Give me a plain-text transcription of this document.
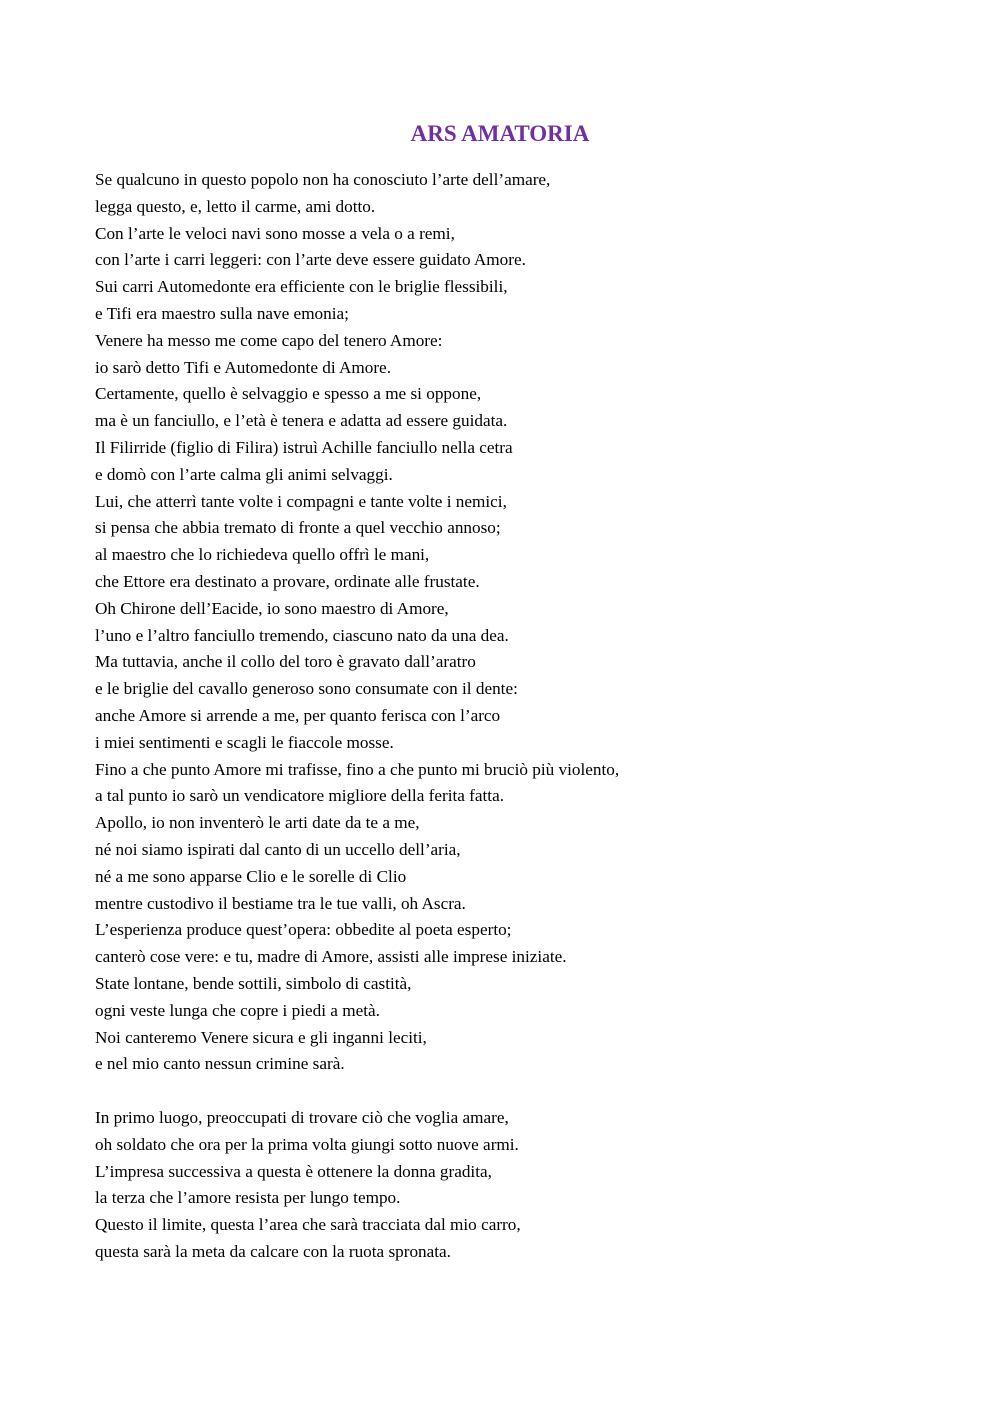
ARS AMATORIA
Se qualcuno in questo popolo non ha conosciuto l’arte dell’amare,
legga questo, e, letto il carme, ami dotto.
Con l’arte le veloci navi sono mosse a vela o a remi,
con l’arte i carri leggeri: con l’arte deve essere guidato Amore.
Sui carri Automedonte era efficiente con le briglie flessibili,
e Tifi era maestro sulla nave emonia;
Venere ha messo me come capo del tenero Amore:
io sarò detto Tifi e Automedonte di Amore.
Certamente, quello è selvaggio e spesso a me si oppone,
ma è un fanciullo, e l’età è tenera e adatta ad essere guidata.
Il Filirride (figlio di Filira) istruì Achille fanciullo nella cetra
e domò con l’arte calma gli animi selvaggi.
Lui, che atterrì tante volte i compagni e tante volte i nemici,
si pensa che abbia tremato di fronte a quel vecchio annoso;
al maestro che lo richiedeva quello offrì le mani,
che Ettore era destinato a provare, ordinate alle frustate.
Oh Chirone dell’Eacide, io sono maestro di Amore,
l’uno e l’altro fanciullo tremendo, ciascuno nato da una dea.
Ma tuttavia, anche il collo del toro è gravato dall’aratro
e le briglie del cavallo generoso sono consumate con il dente:
anche Amore si arrende a me, per quanto ferisca con l’arco
i miei sentimenti e scagli le fiaccole mosse.
Fino a che punto Amore mi trafisse, fino a che punto mi bruciò più violento,
a tal punto io sarò un vendicatore migliore della ferita fatta.
Apollo, io non inventerò le arti date da te a me,
né noi siamo ispirati dal canto di un uccello dell’aria,
né a me sono apparse Clio e le sorelle di Clio
mentre custodivo il bestiame tra le tue valli, oh Ascra.
L’esperienza produce quest’opera: obbedite al poeta esperto;
canterò cose vere: e tu, madre di Amore, assisti alle imprese iniziate.
State lontane, bende sottili, simbolo di castità,
ogni veste lunga che copre i piedi a metà.
Noi canteremo Venere sicura e gli inganni leciti,
e nel mio canto nessun crimine sarà.
In primo luogo, preoccupati di trovare ciò che voglia amare,
oh soldato che ora per la prima volta giungi sotto nuove armi.
L’impresa successiva a questa è ottenere la donna gradita,
la terza che l’amore resista per lungo tempo.
Questo il limite, questa l’area che sarà tracciata dal mio carro,
questa sarà la meta da calcare con la ruota spronata.
